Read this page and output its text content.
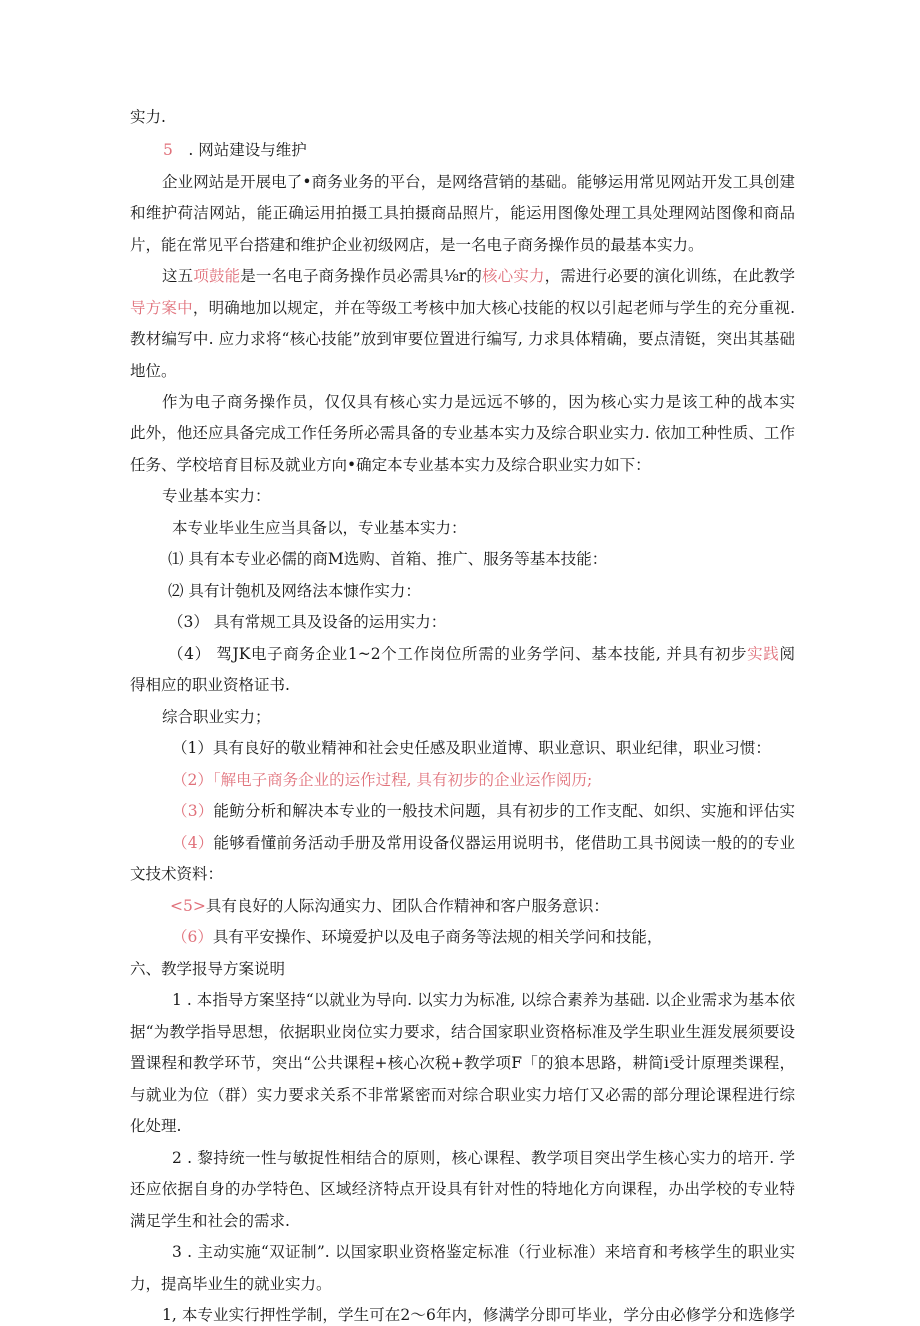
实力.
5　. 网站建设与维护
企业网站是开展电了•商务业务的平台，是网络营销的基础。能够运用常见网站开发工具创建
和维护荷洁网站，能正确运用拍摄工具拍摄商品照片，能运用图像处理工具处理网站图像和商品
片，能在常见平台搭建和维护企业初级网店，是一名电子商务操作员的最基本实力。
这五项鼓能是一名电子商务操作员必需具⅛r的核心实力，需进行必要的演化训练，在此教学
导方案中，明确地加以规定，并在等级工考核中加大核心技能的权以引起老师与学生的充分重视.
教材编写中. 应力求将“核心技能”放到审要位置进行编写, 力求具体精确，要点清铤，突出其基础
地位。
作为电子商务操作员，仅仅具有核心实力是远远不够的，因为核心实力是该工种的战本实
此外，他还应具备完成工作任务所必需具备的专业基本实力及综合职业实力. 依加工种性质、工作
任务、学校培育目标及就业方向•确定本专业基本实力及综合职业实力如下：
专业基本实力：
本专业毕业生应当具备以，专业基本实力：
⑴ 具有本专业必儒的商M选购、首箱、推广、服务等基本技能：
⑵ 具有计匏机及网络法本慷作实力：
（3） 具有常规工具及设备的运用实力：
（4） 驾JK电子商务企业1~2个工作岗位所需的业务学问、基本技能, 并具有初步实践阅
得相应的职业资格证书.
综合职业实力；
（1）具有良好的敬业精神和社会史任感及职业道博、职业意识、职业纪律，职业习惯：
（2）「解电子商务企业的运作过程, 具有初步的企业运作阅历;
（3）能鲂分析和解决本专业的一般技术问题，具有初步的工作支配、如织、实施和评估实
（4）能够看懂前务活动手册及常用设备仪器运用说明书，佬借助工具书阅读一般的的专业
文技术资料：
<5>具有良好的人际沟通实力、团队合作精神和客户服务意识：
（6）具有平安操作、环境爱护以及电子商务等法规的相关学问和技能，
六、教学报导方案说明
1 . 本指导方案坚持“以就业为导向. 以实力为标准, 以综合素养为基础. 以企业需求为基本依
据“为教学指导思想，依据职业岗位实力要求，结合国家职业资格标准及学生职业生涯发展须要设
置课程和教学环节，突出“公共课程+核心次税+教学项F「的狼本思路，耕简i受计原理类课程，
与就业为位（群）实力要求关系不非常紧密而对综合职业实力培仃又必需的部分理论课程进行综
化处理.
2 . 黎持统一性与敏捉性相结合的原则，核心课程、教学项目突出学生核心实力的培开. 学
还应依据自身的办学特色、区域经济特点开设具有针对性的特地化方向课程，办出学校的专业特
满足学生和社会的需求.
3 . 主动实施“双证制”. 以国家职业资格鉴定标准（行业标准）来培育和考核学生的职业实
力，提高毕业生的就业实力。
1, 本专业实行押性学制，学生可在2～6年内，修满学分即可毕业，学分由必修学分和选修学
